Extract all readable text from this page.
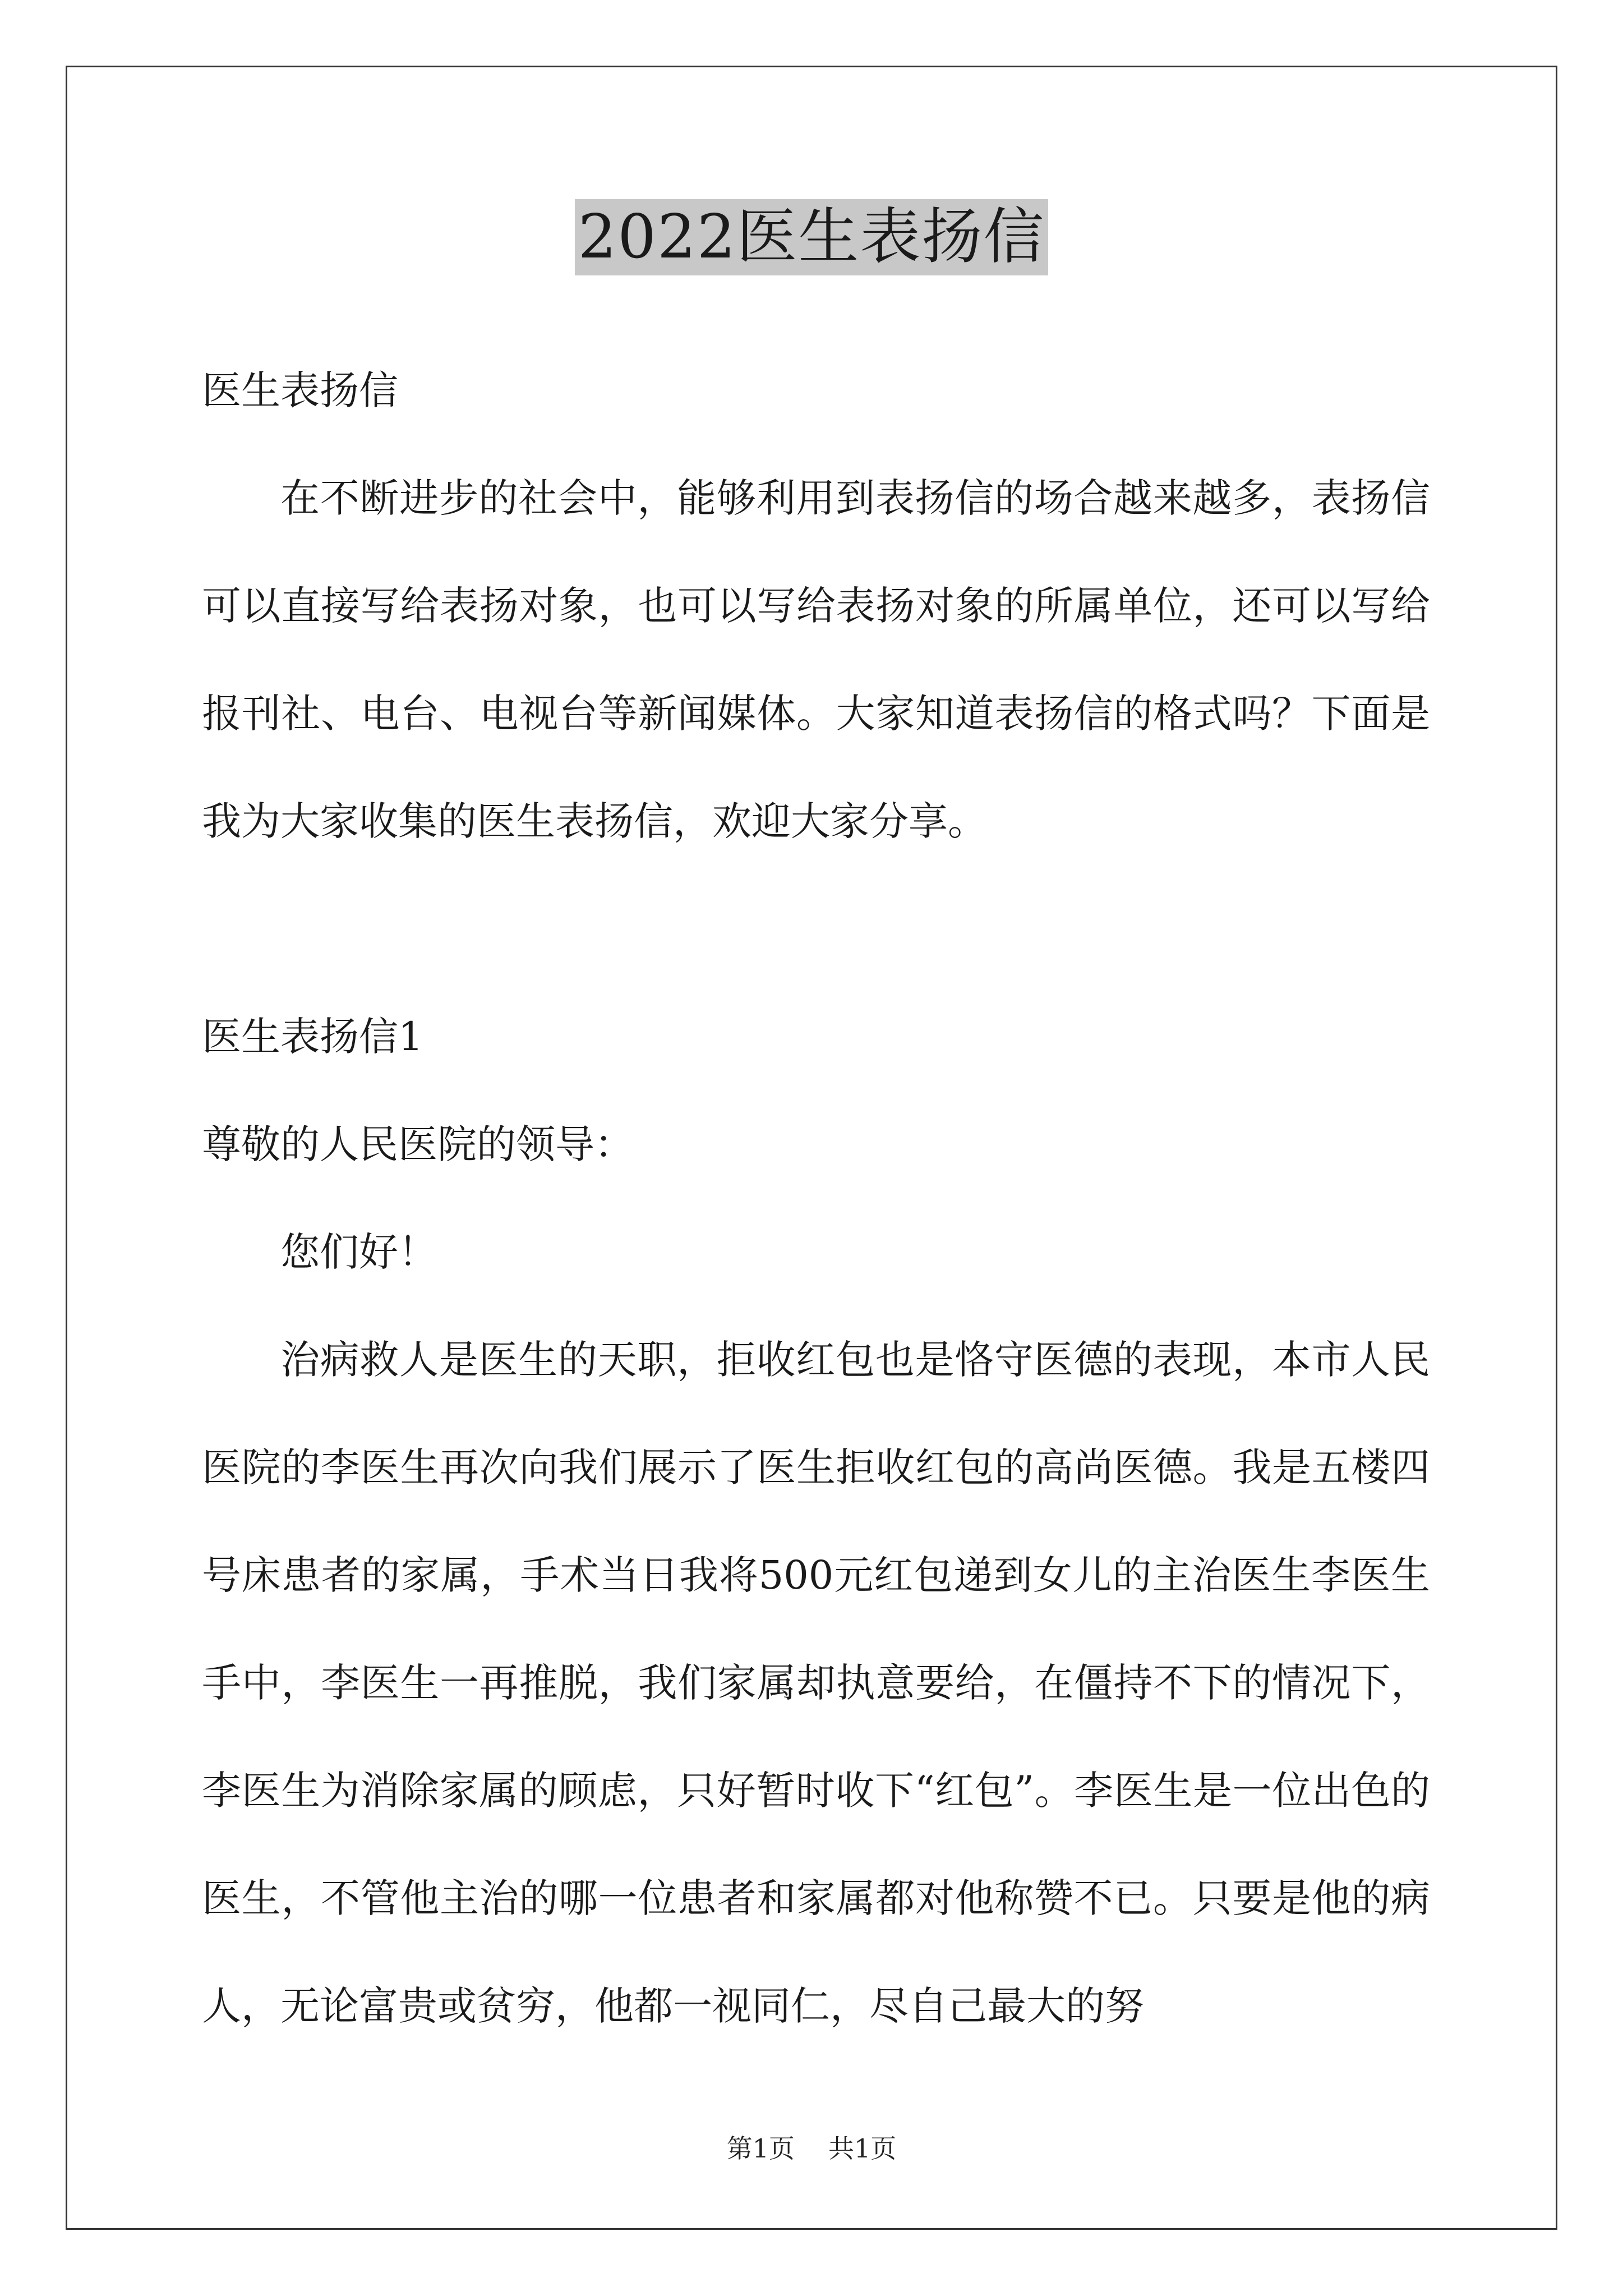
2022医生表扬信

医生表扬信

在不断进步的社会中，能够利用到表扬信的场合越来越多，表扬信可以直接写给表扬对象，也可以写给表扬对象的所属单位，还可以写给报刊社、电台、电视台等新闻媒体。大家知道表扬信的格式吗？下面是我为大家收集的医生表扬信，欢迎大家分享。

医生表扬信1

尊敬的人民医院的领导：

您们好！

治病救人是医生的天职，拒收红包也是恪守医德的表现，本市人民医院的李医生再次向我们展示了医生拒收红包的高尚医德。我是五楼四号床患者的家属，手术当日我将500元红包递到女儿的主治医生李医生手中，李医生一再推脱，我们家属却执意要给，在僵持不下的情况下，李医生为消除家属的顾虑，只好暂时收下“红包”。李医生是一位出色的医生，不管他主治的哪一位患者和家属都对他称赞不已。只要是他的病人，无论富贵或贫穷，他都一视同仁，尽自己最大的努

第1页 共1页
